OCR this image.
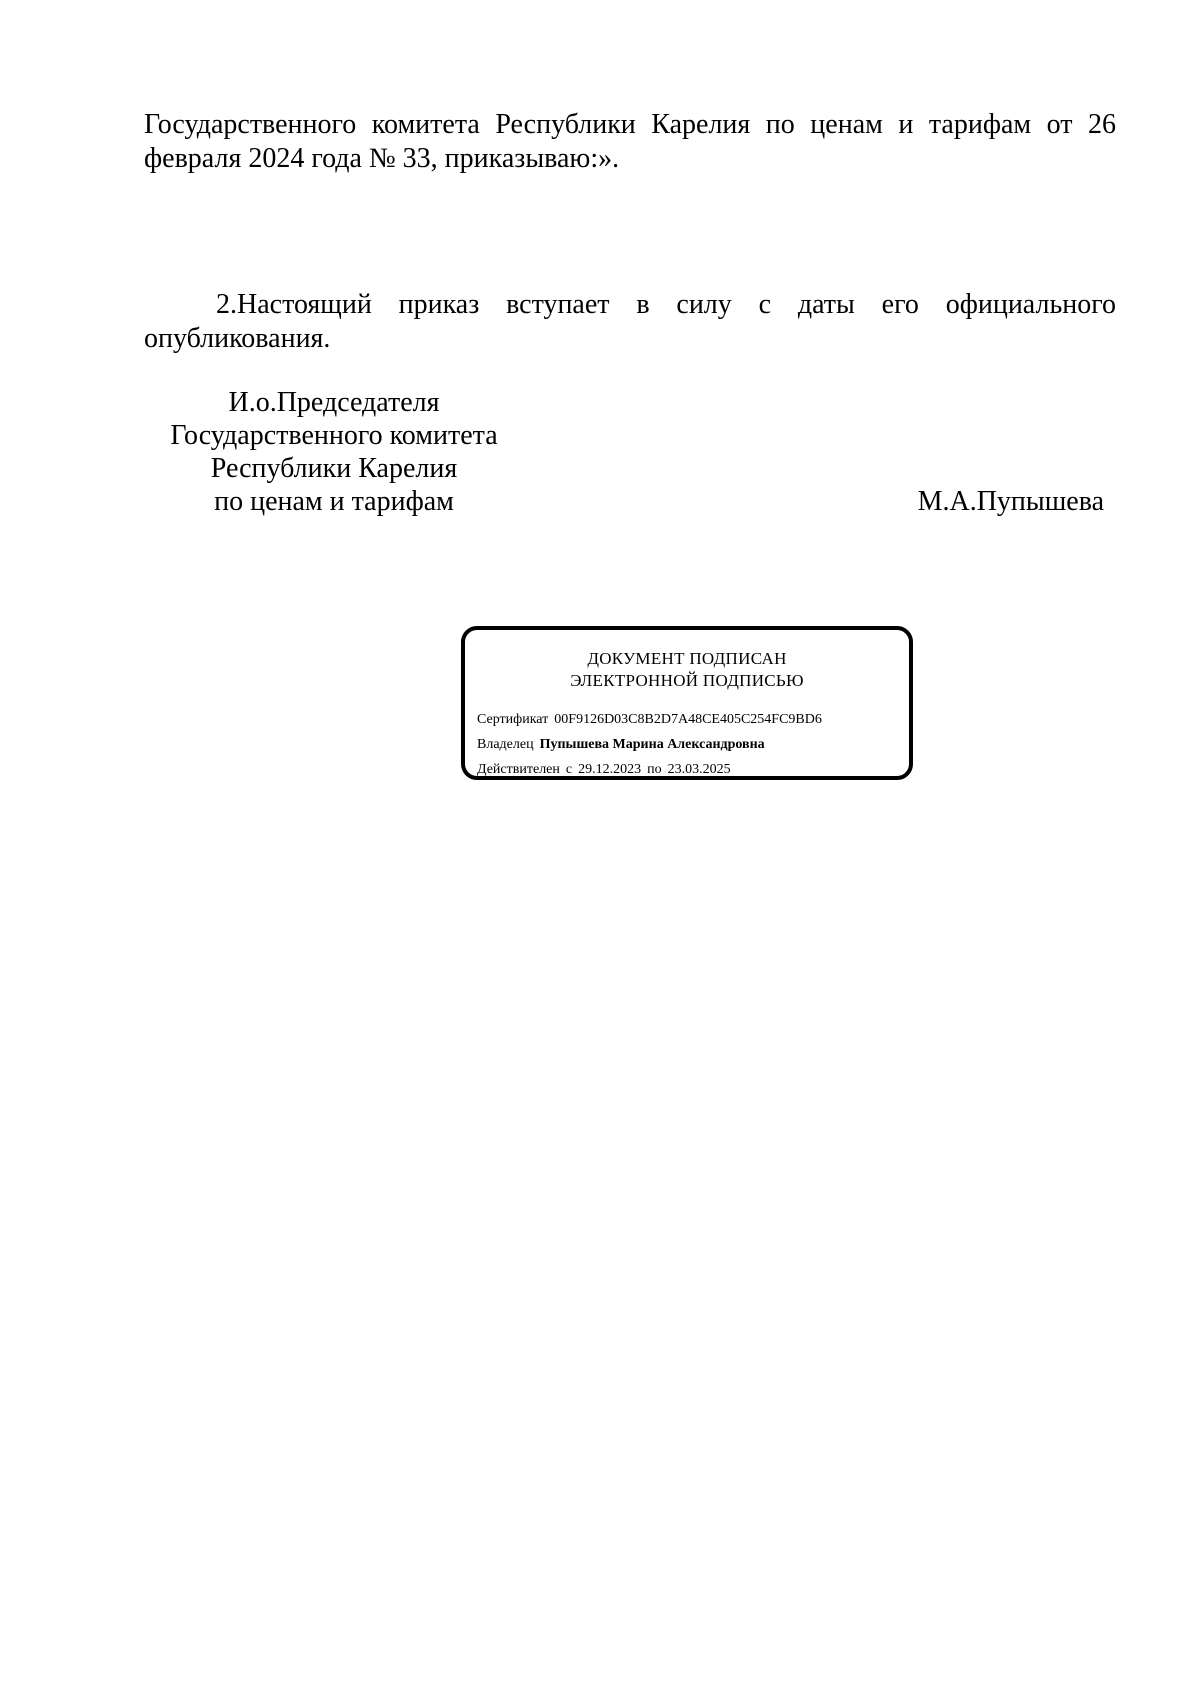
Государственного комитета Республики Карелия по ценам и тарифам от 26 февраля 2024 года № 33, приказываю:».
2.Настоящий приказ вступает в силу с даты его официального опубликования.
И.о.Председателя
Государственного комитета
Республики Карелия
по ценам и тарифам	М.А.Пупышева
ДОКУМЕНТ ПОДПИСАН
ЭЛЕКТРОННОЙ ПОДПИСЬЮ
Сертификат 00F9126D03C8B2D7A48CE405C254FC9BD6
Владелец Пупышева Марина Александровна
Действителен с 29.12.2023 по 23.03.2025
